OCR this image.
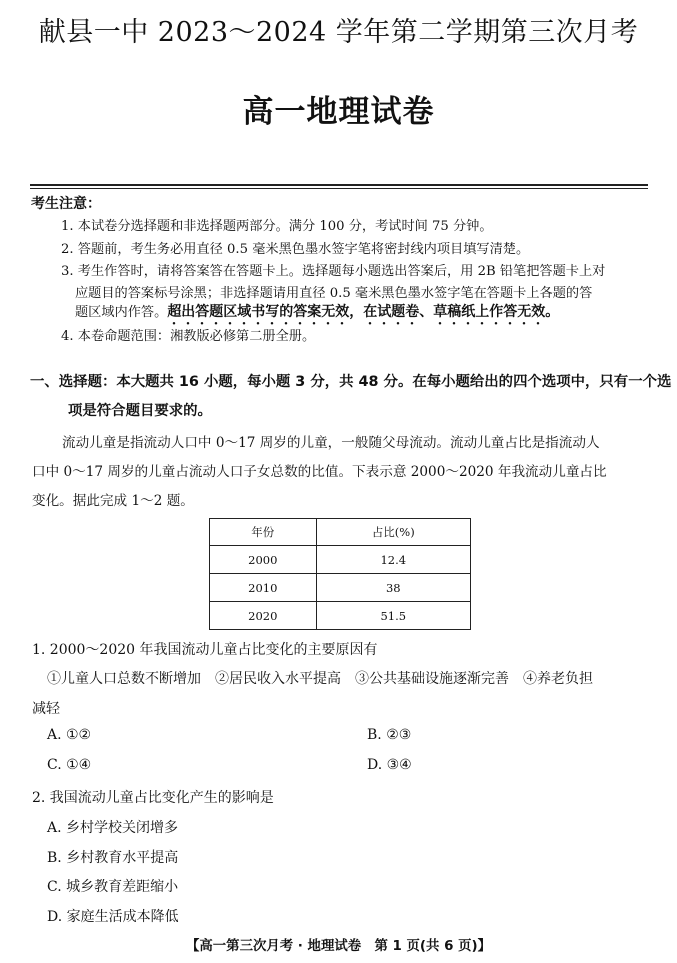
献县一中 2023～2024 学年第二学期第三次月考
高一地理试卷
考生注意：
1. 本试卷分选择题和非选择题两部分。满分 100 分，考试时间 75 分钟。
2. 答题前，考生务必用直径 0.5 毫米黑色墨水签字笔将密封线内项目填写清楚。
3. 考生作答时，请将答案答在答题卡上。选择题每小题选出答案后，用 2B 铅笔把答题卡上对
应题目的答案标号涂黑；非选择题请用直径 0.5 毫米黑色墨水签字笔在答题卡上各题的答
题区域内作答。超出答题区域书写的答案无效，在试题卷、草稿纸上作答无效。
4. 本卷命题范围：湘教版必修第二册全册。
一、选择题：本大题共 16 小题，每小题 3 分，共 48 分。在每小题给出的四个选项中，只有一个选
项是符合题目要求的。
流动儿童是指流动人口中 0～17 周岁的儿童，一般随父母流动。流动儿童占比是指流动人
口中 0～17 周岁的儿童占流动人口子女总数的比值。下表示意 2000～2020 年我流动儿童占比
变化。据此完成 1～2 题。
年份	占比(%)
2000	12.4
2010	38
2020	51.5
1. 2000～2020 年我国流动儿童占比变化的主要原因有
①儿童人口总数不断增加　②居民收入水平提高　③公共基础设施逐渐完善　④养老负担
减轻
A. ①②	B. ②③
C. ①④	D. ③④
2. 我国流动儿童占比变化产生的影响是
A. 乡村学校关闭增多
B. 乡村教育水平提高
C. 城乡教育差距缩小
D. 家庭生活成本降低
【高一第三次月考 · 地理试卷　第 1 页(共 6 页)】
